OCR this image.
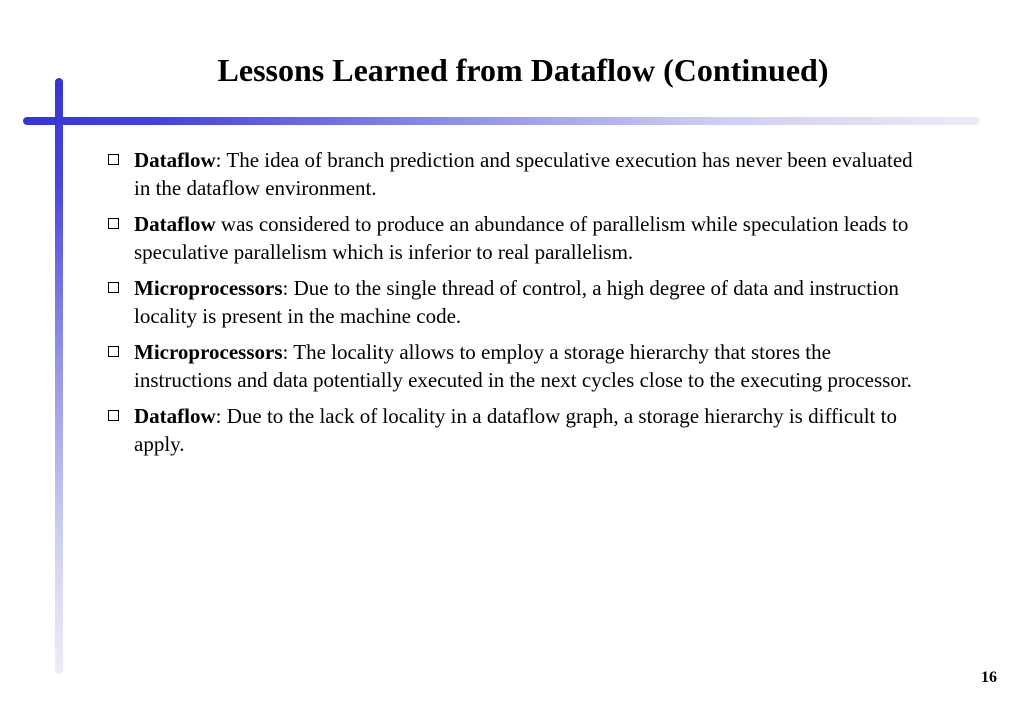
Lessons Learned from Dataflow (Continued)
Dataflow: The idea of branch prediction and speculative execution has never been evaluated in the dataflow environment.
Dataflow was considered to produce an abundance of parallelism while speculation leads to speculative parallelism which is inferior to real parallelism.
Microprocessors: Due to the single thread of control, a high degree of data and instruction locality is present in the machine code.
Microprocessors: The locality allows to employ a storage hierarchy that stores the instructions and data potentially executed in the next cycles close to the executing processor.
Dataflow: Due to the lack of locality in a dataflow graph, a storage hierarchy is difficult to apply.
16
